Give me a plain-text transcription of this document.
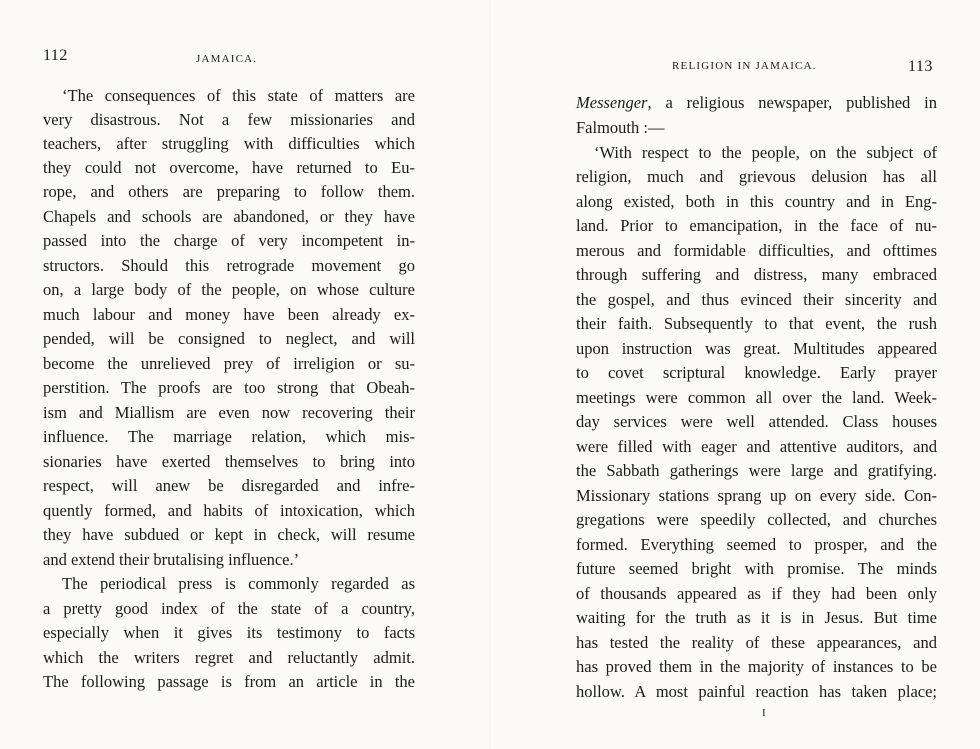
112	JAMAICA.
‘The consequences of this state of matters are
very disastrous. Not a few missionaries and
teachers, after struggling with difficulties which
they could not overcome, have returned to Eu-
rope, and others are preparing to follow them.
Chapels and schools are abandoned, or they have
passed into the charge of very incompetent in-
structors. Should this retrograde movement go
on, a large body of the people, on whose culture
much labour and money have been already ex-
pended, will be consigned to neglect, and will
become the unrelieved prey of irreligion or su-
perstition. The proofs are too strong that Obeah-
ism and Miallism are even now recovering their
influence. The marriage relation, which mis-
sionaries have exerted themselves to bring into
respect, will anew be disregarded and infre-
quently formed, and habits of intoxication, which
they have subdued or kept in check, will resume
and extend their brutalising influence.’
The periodical press is commonly regarded as
a pretty good index of the state of a country,
especially when it gives its testimony to facts
which the writers regret and reluctantly admit.
The following passage is from an article in the
RELIGION IN JAMAICA.	113
Messenger, a religious newspaper, published in
Falmouth :—
‘With respect to the people, on the subject of
religion, much and grievous delusion has all
along existed, both in this country and in Eng-
land. Prior to emancipation, in the face of nu-
merous and formidable difficulties, and ofttimes
through suffering and distress, many embraced
the gospel, and thus evinced their sincerity and
their faith. Subsequently to that event, the rush
upon instruction was great. Multitudes appeared
to covet scriptural knowledge. Early prayer
meetings were common all over the land. Week-
day services were well attended. Class houses
were filled with eager and attentive auditors, and
the Sabbath gatherings were large and gratifying.
Missionary stations sprang up on every side. Con-
gregations were speedily collected, and churches
formed. Everything seemed to prosper, and the
future seemed bright with promise. The minds
of thousands appeared as if they had been only
waiting for the truth as it is in Jesus. But time
has tested the reality of these appearances, and
has proved them in the majority of instances to be
hollow. A most painful reaction has taken place;
I
